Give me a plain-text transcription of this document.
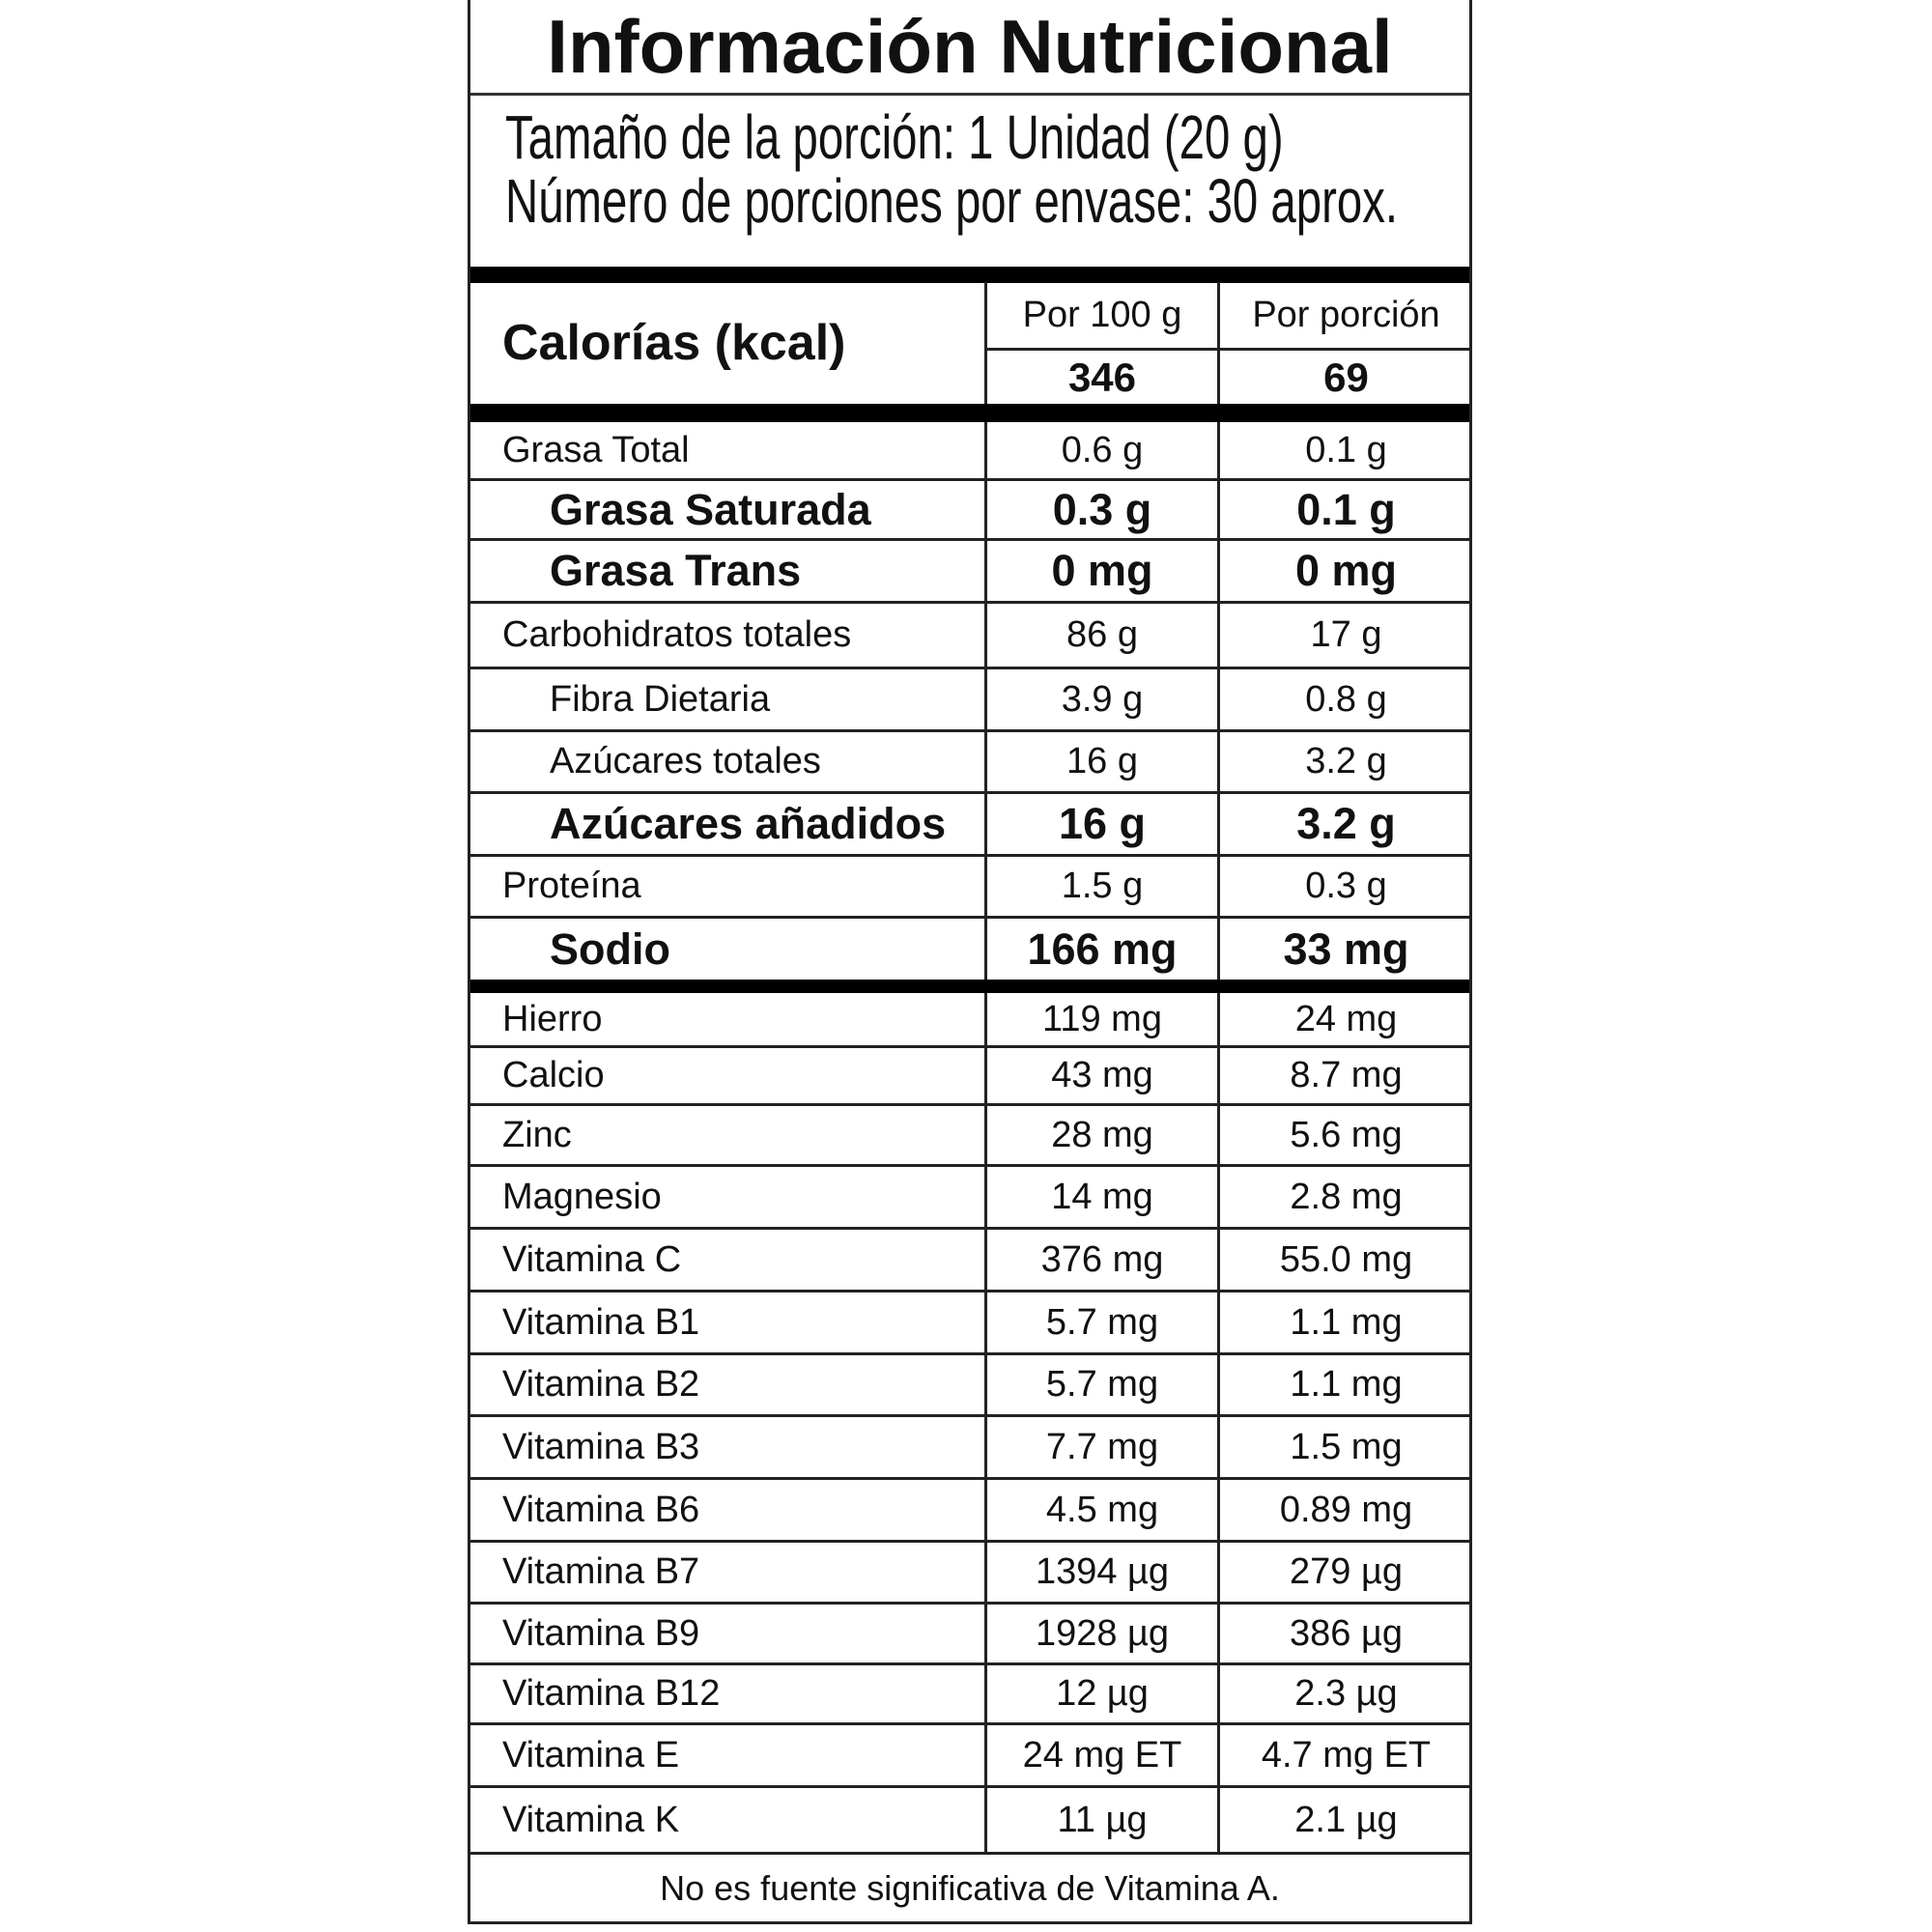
Información Nutricional
Tamaño de la porción: 1 Unidad (20 g)
Número de porciones por envase: 30 aprox.
Calorías (kcal)
Por 100 g	Por porción
346	69
Grasa Total	0.6 g	0.1 g
Grasa Saturada	0.3 g	0.1 g
Grasa Trans	0 mg	0 mg
Carbohidratos totales	86 g	17 g
Fibra Dietaria	3.9 g	0.8 g
Azúcares totales	16 g	3.2 g
Azúcares añadidos	16 g	3.2 g
Proteína	1.5 g	0.3 g
Sodio	166 mg	33 mg
Hierro	119 mg	24 mg
Calcio	43 mg	8.7 mg
Zinc	28 mg	5.6 mg
Magnesio	14 mg	2.8 mg
Vitamina C	376 mg	55.0 mg
Vitamina B1	5.7 mg	1.1 mg
Vitamina B2	5.7 mg	1.1 mg
Vitamina B3	7.7 mg	1.5 mg
Vitamina B6	4.5 mg	0.89 mg
Vitamina B7	1394 µg	279 µg
Vitamina B9	1928 µg	386 µg
Vitamina B12	12 µg	2.3 µg
Vitamina E	24 mg ET	4.7 mg ET
Vitamina K	11 µg	2.1 µg
No es fuente significativa de Vitamina A.
